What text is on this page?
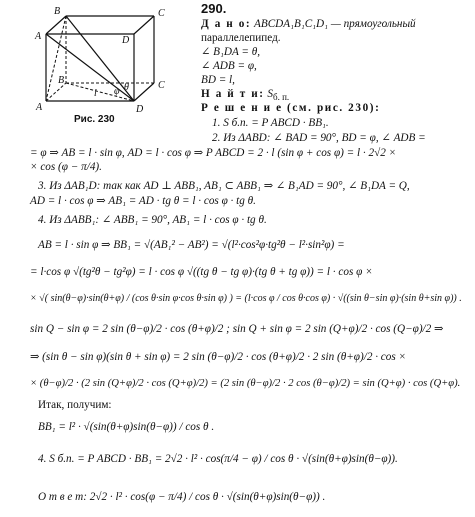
B	C
A	D
B	C
A	D
φ θ
l
Рис. 230
290.
Д а н о: ABCDA₁B₁C₁D₁ — прямоугольный
параллелепипед.
∠ B₁DA = θ,
∠ ADB = φ,
BD = l,
Н а й т и: $S_{б. п.}$
Р е ш е н и е (см. рис. 230):
1. S б.п. = P ABCD · BB₁.
2. Из ΔABD: ∠ BAD = 90°, BD = φ, ∠ ADB =
= φ ⇒ AB = l · sin φ, AD = l · cos φ ⇒ P ABCD = 2 · l (sin φ + cos φ) = l · 2√2 ×
× cos (φ − π/4).
3. Из ΔAB₁D: так как AD ⊥ ABB₁, AB₁ ⊂ ABB₁ ⇒ ∠ B₁AD = 90°, ∠ B₁DA = Q,
AD = l · cos φ ⇒ AB₁ = AD · tg θ = l · cos φ · tg θ.
4. Из ΔABB₁: ∠ ABB₁ = 90°, AB₁ = l · cos φ · tg θ.
AB = l · sin φ ⇒ BB₁ = √(AB₁² − AB²) = √(l²·cos²φ·tg²θ − l²·sin²φ) =
= l·cos φ √(tg²θ − tg²φ) = l · cos φ √((tg θ − tg φ)·(tg θ + tg φ)) = l · cos φ ×
× √( sin(θ−φ)·sin(θ+φ) / (cos θ·sin φ·cos θ·sin φ) ) = (l·cos φ / cos θ·cos φ) · √((sin θ−sin φ)·(sin θ+sin φ)) .
sin Q − sin φ = 2 sin (θ−φ)/2 · cos (θ+φ)/2 ; sin Q + sin φ = 2 sin (Q+φ)/2 · cos (Q−φ)/2 ⇒
⇒ (sin θ − sin φ)(sin θ + sin φ) = 2 sin (θ−φ)/2 · cos (θ+φ)/2 · 2 sin (θ+φ)/2 · cos ×
× (θ−φ)/2 · (2 sin (Q+φ)/2 · cos (Q+φ)/2) = (2 sin (θ−φ)/2 · 2 cos (θ−φ)/2) = sin (Q+φ) · cos (Q+φ).
Итак, получим:
BB₁ = l² · √(sin(θ+φ)sin(θ−φ)) / cos θ .
4. S б.п. = P ABCD · BB₁ = 2√2 · l² · cos(π/4 − φ) / cos θ · √(sin(θ+φ)sin(θ−φ)).
О т в е т: 2√2 · l² · cos(φ − π/4) / cos θ · √(sin(θ+φ)sin(θ−φ)) .
